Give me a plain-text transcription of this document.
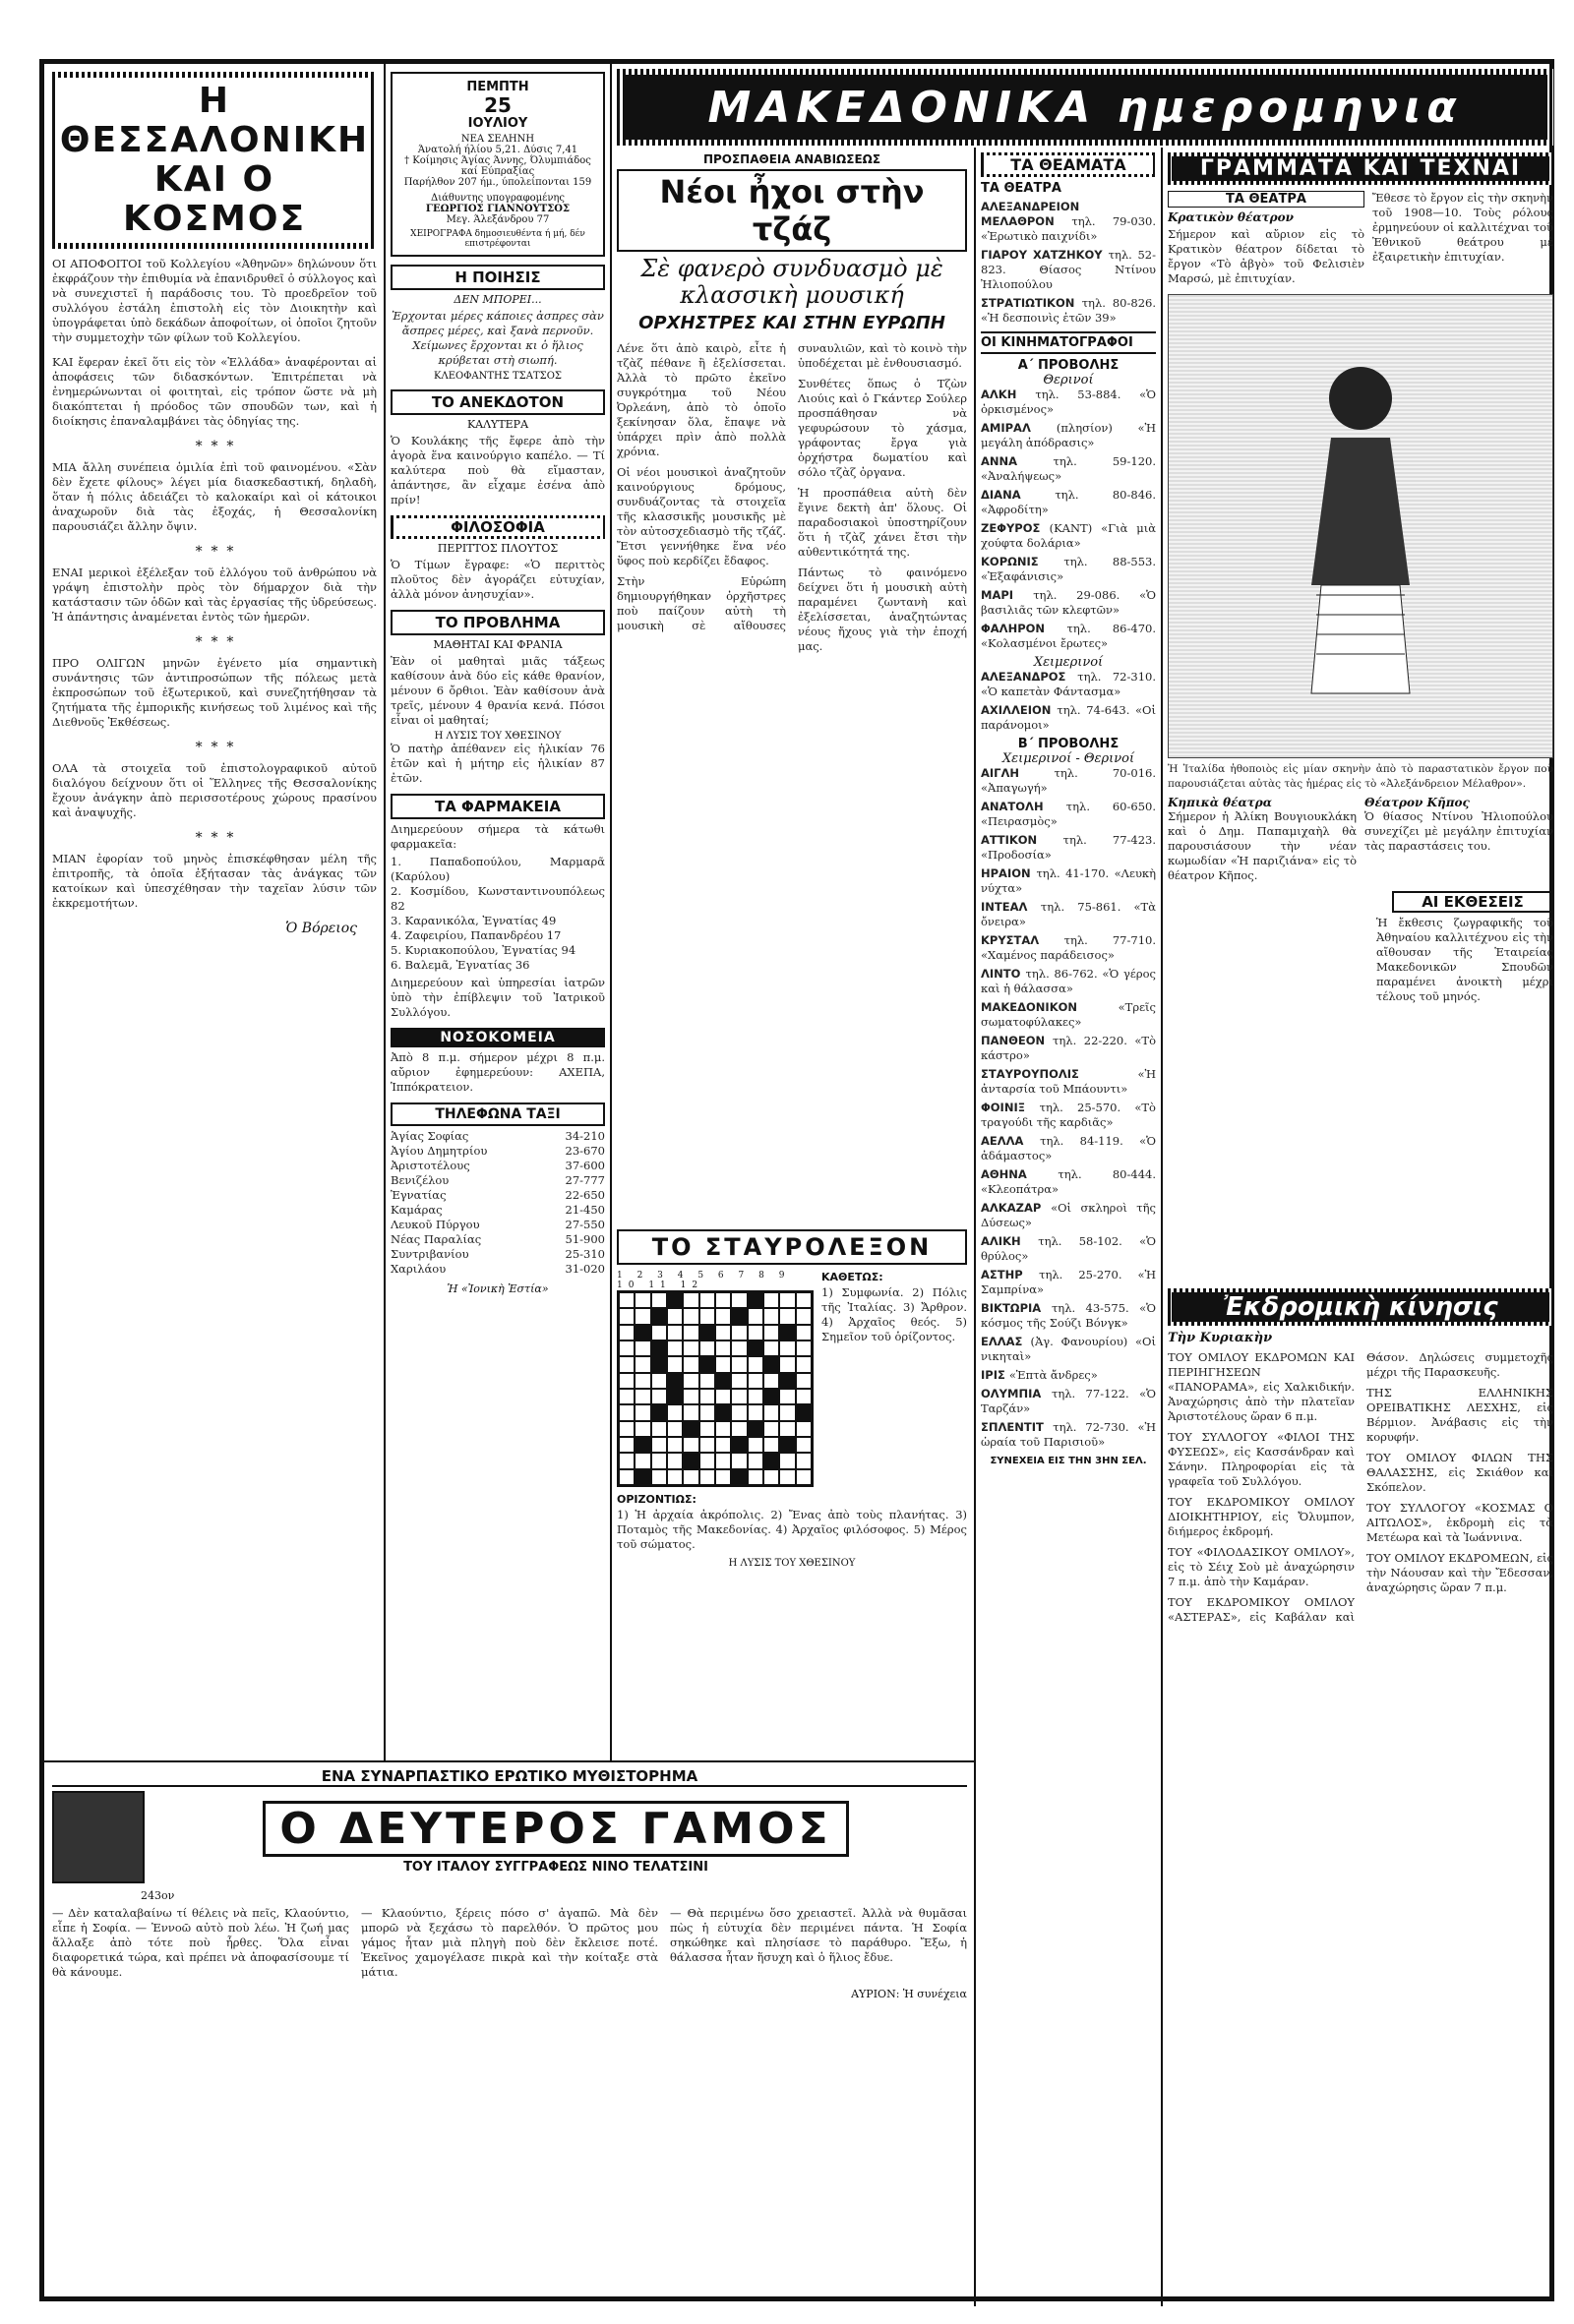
Η ΘΕΣΣΑΛΟΝΙΚΗ
ΚΑΙ Ο ΚΟΣΜΟΣ

ΟΙ ΑΠΟΦΟΙΤΟΙ τοῦ Κολλεγίου «Ἀθηνῶν» δηλώνουν ὅτι ἐκφράζουν τὴν ἐπιθυμία νὰ ἐπανιδρυθεῖ ὁ σύλλογος καὶ νὰ συνεχιστεῖ ἡ παράδοσις του. Τὸ προεδρεῖον τοῦ συλλόγου ἐστάλη ἐπιστολὴ εἰς τὸν Διοικητὴν καὶ ὑπογράφεται ὑπὸ δεκάδων ἀποφοίτων, οἱ ὁποῖοι ζητοῦν τὴν συμμετοχὴν τῶν φίλων τοῦ Κολλεγίου.

ΚΑΙ ἔφεραν ἐκεῖ ὅτι εἰς τὸν «Ἑλλάδα» ἀναφέρονται αἱ ἀποφάσεις τῶν διδασκόντων. Ἐπιτρέπεται νὰ ἐνημερώνωνται οἱ φοιτηταὶ, εἰς τρόπον ὥστε νὰ μὴ διακόπτεται ἡ πρόοδος τῶν σπουδῶν των, καὶ ἡ διοίκησις ἐπαναλαμβάνει τὰς ὁδηγίας της.

*  *  *

ΜΙΑ ἄλλη συνέπεια ὁμιλία ἐπὶ τοῦ φαινομένου. «Σὰν δὲν ἔχετε φίλους» λέγει μία διασκεδαστική, δηλαδὴ, ὅταν ἡ πόλις ἀδειάζει τὸ καλοκαίρι καὶ οἱ κάτοικοι ἀναχωροῦν διὰ τὰς ἐξοχάς, ἡ Θεσσαλονίκη παρουσιάζει ἄλλην ὄψιν.

*  *  *

ΕΝΑΙ μερικοὶ ἐξέλεξαν τοῦ ἐλλόγου τοῦ ἀνθρώπου νὰ γράψη ἐπιστολὴν πρὸς τὸν δήμαρχον διὰ τὴν κατάστασιν τῶν ὁδῶν καὶ τὰς ἐργασίας τῆς ὑδρεύσεως. Ἡ ἀπάντησις ἀναμένεται ἐντὸς τῶν ἡμερῶν.

*  *  *

ΠΡΟ ΟΛΙΓΩΝ μηνῶν ἐγένετο μία σημαντικὴ συνάντησις τῶν ἀντιπροσώπων τῆς πόλεως μετὰ ἐκπροσώπων τοῦ ἐξωτερικοῦ, καὶ συνεζητήθησαν τὰ ζητήματα τῆς ἐμπορικῆς κινήσεως τοῦ λιμένος καὶ τῆς Διεθνοῦς Ἐκθέσεως.

*  *  *

ΟΛΑ τὰ στοιχεῖα τοῦ ἐπιστολογραφικοῦ αὐτοῦ διαλόγου δείχνουν ὅτι οἱ Ἕλληνες τῆς Θεσσαλονίκης ἔχουν ἀνάγκην ἀπὸ περισσοτέρους χώρους πρασίνου καὶ ἀναψυχῆς.

*  *  *

ΜΙΑΝ ἐφορίαν τοῦ μηνὸς ἐπισκέφθησαν μέλη τῆς ἐπιτροπῆς, τὰ ὁποῖα ἐξήτασαν τὰς ἀνάγκας τῶν κατοίκων καὶ ὑπεσχέθησαν τὴν ταχεῖαν λύσιν τῶν ἐκκρεμοτήτων.

Ὁ Βόρειος
ΠΕΜΠΤΗ
25
ΙΟΥΛΙΟΥ
ΝΕΑ ΣΕΛΗΝΗ
Άνατολή ήλίου 5,21. Δύσις 7,41
† Κοίμησις Άγίας Άννης, Όλυμπιάδος καί Εύπραξίας
Παρήλθον 207 ήμ., ύπολείπονται 159
Διάθυντης υπογραφομένης
ΓΕΩΡΓΙΟΣ ΓΙΑΝΝΟΥΤΣΟΣ
Μεγ. Άλεξάνδρου 77
ΧΕΙΡΟΓΡΑΦΑ δημοσιευθέντα ή μή, δέν επιστρέφονται
Η ΠΟΙΗΣΙΣ
ΔΕΝ ΜΠΟΡΕΙ...

Ἐρχονται μέρες κάποιες ἀσπρες σὰν ἄσπρες μέρες, καὶ ξανὰ περνοῦν. Χείμωνες ἔρχονται κι ὁ ἥλιος κρύβεται στὴ σιωπή.

ΚΛΕΟΦΑΝΤΗΣ ΤΣΑΤΣΟΣ
ΤΟ ΑΝΕΚΔΟΤΟΝ
ΚΑΛΥΤΕΡΑ

Ὁ Κουλάκης τῆς ἔφερε ἀπὸ τὴν ἀγορὰ ἕνα καινούργιο καπέλο. — Τί καλύτερα ποὺ θὰ εἴμασταν, ἀπάντησε, ἂν εἶχαμε ἐσένα ἀπὸ πρίν!

ΦΙΛΟΣΟΦΙΑ
ΠΕΡΙΤΤΟΣ ΠΛΟΥΤΟΣ

Ὁ Τίμων ἔγραφε: «Ὁ περιττὸς πλοῦτος δὲν ἀγοράζει εὐτυχίαν, ἀλλὰ μόνον ἀνησυχίαν».

ΤΟ ΠΡΟΒΛΗΜΑ
ΜΑΘΗΤΑΙ ΚΑΙ ΦΡΑΝΙΑ

Ἐὰν οἱ μαθηταὶ μιᾶς τάξεως καθίσουν ἀνὰ δύο εἰς κάθε θρανίον, μένουν 6 ὄρθιοι. Ἐὰν καθίσουν ἀνὰ τρεῖς, μένουν 4 θρανία κενά. Πόσοι εἶναι οἱ μαθηταί;

Η ΛΥΣΙΣ ΤΟΥ ΧΘΕΣΙΝΟΥ

Ὁ πατὴρ ἀπέθανεν εἰς ἡλικίαν 76 ἐτῶν καὶ ἡ μήτηρ εἰς ἡλικίαν 87 ἐτῶν.

ΤΑ ΦΑΡΜΑΚΕΙΑ

Διημερεύουν σήμερα τὰ κάτωθι φαρμακεῖα:

1. Παπαδοπούλου, Μαρμαρᾶ (Καρύλου)
2. Κοσμίδου, Κωνσταντινουπόλεως 82
3. Καρανικόλα, Ἐγνατίας 49
4. Ζαφειρίου, Παπανδρέου 17
5. Κυριακοπούλου, Ἐγνατίας 94
6. Βαλεμᾶ, Ἐγνατίας 36

Διημερεύουν καὶ ὑπηρεσίαι ἰατρῶν ὑπὸ τὴν ἐπίβλεψιν τοῦ Ἰατρικοῦ Συλλόγου.

ΝΟΣΟΚΟΜΕΙΑ

Ἀπὸ 8 π.μ. σήμερον μέχρι 8 π.μ. αὔριον ἐφημερεύουν: ΑΧΕΠΑ, Ἱππόκρατειον.

ΤΗΛΕΦΩΝΑ ΤΑΞΙ
Ἁγίας Σοφίας	34-210
Ἀγίου Δημητρίου	23-670
Ἀριστοτέλους	37-600
Βενιζέλου	27-777
Ἐγνατίας	22-650
Καμάρας	21-450
Λευκοῦ Πύργου	27-550
Νέας Παραλίας	51-900
Συντριβανίου	25-310
Χαριλάου	31-020
Ἡ «Ἰονικὴ Ἑστία»
ΜΑΚΕΔΟΝΙΚΑ ημερομηνια
ΠΡΟΣΠΑΘΕΙΑ ΑΝΑΒΙΩΣΕΩΣ
Νέοι ἦχοι στὴν τζάζ
Σὲ φανερὸ συνδυασμὸ μὲ κλασσικὴ μουσική
ΟΡΧΗΣΤΡΕΣ ΚΑΙ ΣΤΗΝ ΕΥΡΩΠΗ

Λένε ὅτι ἀπὸ καιρὸ, εἶτε ἡ τζὰζ πέθανε ἢ ἐξελίσσεται. Ἀλλὰ τὸ πρῶτο ἐκεῖνο συγκρότημα τοῦ Νέου Ὀρλεάνη, ἀπὸ τὸ ὁποῖο ξεκίνησαν ὅλα, ἔπαψε νὰ ὑπάρχει πρὶν ἀπὸ πολλὰ χρόνια.

Οἱ νέοι μουσικοὶ ἀναζητοῦν καινούργιους δρόμους, συνδυάζοντας τὰ στοιχεῖα τῆς κλασσικῆς μουσικῆς μὲ τὸν αὐτοσχεδιασμὸ τῆς τζάζ. Ἔτσι γεννήθηκε ἕνα νέο ὕφος ποὺ κερδίζει ἔδαφος.

Στὴν Εὐρώπη δημιουργήθηκαν ὀρχῆστρες ποὺ παίζουν αὐτὴ τὴ μουσικὴ σὲ αἴθουσες συναυλιῶν, καὶ τὸ κοινὸ τὴν ὑποδέχεται μὲ ἐνθουσιασμό.

Συνθέτες ὅπως ὁ Τζὼν Λιούις καὶ ὁ Γκάντερ Σούλερ προσπάθησαν νὰ γεφυρώσουν τὸ χάσμα, γράφοντας ἔργα γιὰ ὀρχήστρα δωματίου καὶ σόλο τζὰζ ὀργανα.

Ἡ προσπάθεια αὐτὴ δὲν ἔγινε δεκτὴ ἀπ' ὅλους. Οἱ παραδοσιακοὶ ὑποστηρίζουν ὅτι ἡ τζὰζ χάνει ἔτσι τὴν αὐθεντικότητά της.

Πάντως τὸ φαινόμενο δείχνει ὅτι ἡ μουσικὴ αὐτὴ παραμένει ζωντανὴ καὶ ἐξελίσσεται, ἀναζητώντας νέους ἤχους γιὰ τὴν ἐποχή μας.

ΤΟ ΣΤΑΥΡΟΛΕΞΟΝ
1 2 3 4 5 6 7 8 9 10 11 12
ΚΑΘΕΤΩΣ:

1) Συμφωνία. 2) Πόλις τῆς Ἰταλίας. 3) Ἄρθρον. 4) Ἀρχαῖος θεός. 5) Σημεῖον τοῦ ὁρίζοντος.

ΟΡΙΖΟΝΤΙΩΣ:

1) Ἡ ἀρχαία ἀκρόπολις. 2) Ἔνας ἀπὸ τοὺς πλανήτας. 3) Ποταμὸς τῆς Μακεδονίας. 4) Ἀρχαῖος φιλόσοφος. 5) Μέρος τοῦ σώματος.

Η ΛΥΣΙΣ ΤΟΥ ΧΘΕΣΙΝΟΥ
ΤΑ ΘΕΑΜΑΤΑ
ΤΑ ΘΕΑΤΡΑ
ΑΛΕΞΑΝΔΡΕΙΟΝ ΜΕΛΑΘΡΟΝ τηλ. 79-030. «Ἐρωτικὸ παιχνίδι»
ΓΙΑΡΟΥ ΧΑΤΖΗΚΟΥ τηλ. 52-823. Θίασος Ντίνου Ἠλιοπούλου
ΣΤΡΑΤΙΩΤΙΚΟΝ τηλ. 80-826. «Ἡ δεσποινὶς ἐτῶν 39»
ΟΙ ΚΙΝΗΜΑΤΟΓΡΑΦΟΙ
Α΄ ΠΡΟΒΟΛΗΣ
Θερινοί
ΑΛΚΗ τηλ. 53-884. «Ὁ ὀρκισμένος»
ΑΜΙΡΑΛ (πλησίον) «Ἡ μεγάλη ἀπόδρασις»
ΑΝΝΑ τηλ. 59-120. «Ἀναλήψεως»
ΔΙΑΝΑ τηλ. 80-846. «Ἀφροδίτη»
ΖΕΦΥΡΟΣ (ΚΑΝΤ) «Γιὰ μιὰ χούφτα δολάρια»
ΚΟΡΩΝΙΣ τηλ. 88-553. «Ἐξαφάνισις»
ΜΑΡΙ τηλ. 29-086. «Ὁ βασιλιᾶς τῶν κλεφτῶν»
ΦΑΛΗΡΟΝ τηλ. 86-470. «Κολασμένοι ἔρωτες»
Χειμερινοί
ΑΛΕΞΑΝΔΡΟΣ τηλ. 72-310. «Ὁ καπετὰν Φάντασμα»
ΑΧΙΛΛΕΙΟΝ τηλ. 74-643. «Οἱ παράνομοι»
Β΄ ΠΡΟΒΟΛΗΣ
Χειμερινοί - Θερινοί
ΑΙΓΛΗ τηλ. 70-016. «Ἀπαγωγή»
ΑΝΑΤΟΛΗ τηλ. 60-650. «Πειρασμὸς»
ΑΤΤΙΚΟΝ τηλ. 77-423. «Προδοσία»
ΗΡΑΙΟΝ τηλ. 41-170. «Λευκὴ νύχτα»
ΙΝΤΕΑΛ τηλ. 75-861. «Τὰ ὄνειρα»
ΚΡΥΣΤΑΛ τηλ. 77-710. «Χαμένος παράδεισος»
ΛΙΝΤΟ τηλ. 86-762. «Ὁ γέρος καὶ ἡ θάλασσα»
ΜΑΚΕΔΟΝΙΚΟΝ «Τρεῖς σωματοφύλακες»
ΠΑΝΘΕΟΝ τηλ. 22-220. «Τὸ κάστρο»
ΣΤΑΥΡΟΥΠΟΛΙΣ «Ἡ ἀνταρσία τοῦ Μπάουντι»
ΦΟΙΝΙΞ τηλ. 25-570. «Τὸ τραγούδι τῆς καρδιᾶς»
ΑΕΛΛΑ τηλ. 84-119. «Ὁ ἀδάμαστος»
ΑΘΗΝΑ τηλ. 80-444. «Κλεοπάτρα»
ΑΛΚΑΖΑΡ «Οἱ σκληροὶ τῆς Δύσεως»
ΑΛΙΚΗ τηλ. 58-102. «Ὁ θρύλος»
ΑΣΤΗΡ τηλ. 25-270. «Ἡ Σαμπρίνα»
ΒΙΚΤΩΡΙΑ τηλ. 43-575. «Ὁ κόσμος τῆς Σούζι Βόνγκ»
ΕΛΛΑΣ (Ἀγ. Φανουρίου) «Οἱ νικηταὶ»
ΙΡΙΣ «Ἑπτὰ ἄνδρες»
ΟΛΥΜΠΙΑ τηλ. 77-122. «Ὁ Ταρζάν»
ΣΠΛΕΝΤΙΤ τηλ. 72-730. «Ἡ ὡραία τοῦ Παρισιοῦ»
ΣΥΝΕΧΕΙΑ ΕΙΣ ΤΗΝ 3ΗΝ ΣΕΛ.
ΓΡΑΜΜΑΤΑ ΚΑΙ ΤΕΧΝΑΙ
ΤΑ ΘΕΑΤΡΑ
Κρατικὸν θέατρον

Σήμερον καὶ αὔριον εἰς τὸ Κρατικὸν θέατρον δίδεται τὸ ἔργον «Τὸ ἀβγὸ» τοῦ Φελισιὲν Μαρσώ, μὲ ἐπιτυχίαν.

Ἔθεσε τὸ ἔργον εἰς τὴν σκηνὴν τοῦ 1908—10. Τοὺς ρόλους ἐρμηνεύουν οἱ καλλιτέχναι τοῦ Ἐθνικοῦ θεάτρου μὲ ἐξαιρετικὴν ἐπιτυχίαν.

Ἡ Ἰταλίδα ἡθοποιὸς εἰς μίαν σκηνὴν ἀπὸ τὸ παραστατικὸν ἔργον ποὺ παρουσιάζεται αὐτὰς τὰς ἡμέρας εἰς τὸ «Ἀλεξάνδρειον Μέλαθρον».

Κηπικὰ θέατρα

Σήμερον ἡ Ἀλίκη Βουγιουκλάκη καὶ ὁ Δημ. Παπαμιχαὴλ θὰ παρουσιάσουν τὴν νέαν κωμωδίαν «Ἡ παριζιάνα» εἰς τὸ θέατρον Κῆπος.

Θέατρον Κῆπος

Ὁ θίασος Ντίνου Ἠλιοπούλου συνεχίζει μὲ μεγάλην ἐπιτυχίαν τὰς παραστάσεις του.

ΑΙ ΕΚΘΕΣΕΙΣ

Ἡ ἔκθεσις ζωγραφικῆς τοῦ Ἀθηναίου καλλιτέχνου εἰς τὴν αἴθουσαν τῆς Ἑταιρείας Μακεδονικῶν Σπουδῶν παραμένει ἀνοικτὴ μέχρι τέλους τοῦ μηνός.

Ἐκδρομικὴ κίνησις
Τὴν Κυριακὴν

ΤΟΥ ΟΜΙΛΟΥ ΕΚΔΡΟΜΩΝ ΚΑΙ ΠΕΡΙΗΓΗΣΕΩΝ «ΠΑΝΟΡΑΜΑ», εἰς Χαλκιδικήν. Ἀναχώρησις ἀπὸ τὴν πλατεῖαν Ἀριστοτέλους ὥραν 6 π.μ.

ΤΟΥ ΣΥΛΛΟΓΟΥ «ΦΙΛΟΙ ΤΗΣ ΦΥΣΕΩΣ», εἰς Κασσάνδραν καὶ Σάνην. Πληροφορίαι εἰς τὰ γραφεῖα τοῦ Συλλόγου.

ΤΟΥ ΕΚΔΡΟΜΙΚΟΥ ΟΜΙΛΟΥ ΔΙΟΙΚΗΤΗΡΙΟΥ, εἰς Ὄλυμπον, διήμερος ἐκδρομή.

ΤΟΥ «ΦΙΛΟΔΑΣΙΚΟΥ ΟΜΙΛΟΥ», εἰς τὸ Σέιχ Σοὺ μὲ ἀναχώρησιν 7 π.μ. ἀπὸ τὴν Καμάραν.

ΤΟΥ ΕΚΔΡΟΜΙΚΟΥ ΟΜΙΛΟΥ «ΑΣΤΕΡΑΣ», εἰς Καβάλαν καὶ Θάσον. Δηλώσεις συμμετοχῆς μέχρι τῆς Παρασκευῆς.

ΤΗΣ ΕΛΛΗΝΙΚΗΣ ΟΡΕΙΒΑΤΙΚΗΣ ΛΕΣΧΗΣ, εἰς Βέρμιον. Ἀνάβασις εἰς τὴν κορυφήν.

ΤΟΥ ΟΜΙΛΟΥ ΦΙΛΩΝ ΤΗΣ ΘΑΛΑΣΣΗΣ, εἰς Σκιάθον καὶ Σκόπελον.

ΤΟΥ ΣΥΛΛΟΓΟΥ «ΚΟΣΜΑΣ Ο ΑΙΤΩΛΟΣ», ἐκδρομὴ εἰς τὰ Μετέωρα καὶ τὰ Ἰωάννινα.

ΤΟΥ ΟΜΙΛΟΥ ΕΚΔΡΟΜΕΩΝ, εἰς τὴν Νάουσαν καὶ τὴν Ἔδεσσαν, ἀναχώρησις ὥραν 7 π.μ.

ΕΝΑ ΣΥΝΑΡΠΑΣΤΙΚΟ ΕΡΩΤΙΚΟ ΜΥΘΙΣΤΟΡΗΜΑ
Ο ΔΕΥΤΕΡΟΣ ΓΑΜΟΣ
ΤΟΥ ΙΤΑΛΟΥ ΣΥΓΓΡΑΦΕΩΣ ΝΙΝΟ ΤΕΛΑΤΣΙΝΙ
243ον

— Δὲν καταλαβαίνω τί θέλεις νὰ πεῖς, Κλαούντιο, εἶπε ἡ Σοφία. — Ἐννοῶ αὐτὸ ποὺ λέω. Ἡ ζωή μας ἄλλαξε ἀπὸ τότε ποὺ ἦρθες. Ὅλα εἶναι διαφορετικά τώρα, καὶ πρέπει νὰ ἀποφασίσουμε τί θὰ κάνουμε.

— Κλαούντιο, ξέρεις πόσο σ' ἀγαπῶ. Μὰ δὲν μπορῶ νὰ ξεχάσω τὸ παρελθόν. Ὁ πρῶτος μου γάμος ἦταν μιὰ πληγὴ ποὺ δὲν ἔκλεισε ποτέ. Ἐκεῖνος χαμογέλασε πικρὰ καὶ τὴν κοίταξε στὰ μάτια.

— Θὰ περιμένω ὅσο χρειαστεῖ. Ἀλλὰ νὰ θυμᾶσαι πὼς ἡ εὐτυχία δὲν περιμένει πάντα. Ἡ Σοφία σηκώθηκε καὶ πλησίασε τὸ παράθυρο. Ἔξω, ἡ θάλασσα ἦταν ἥσυχη καὶ ὁ ἥλιος ἔδυε.

ΑΥΡΙΟΝ: Ἡ συνέχεια
